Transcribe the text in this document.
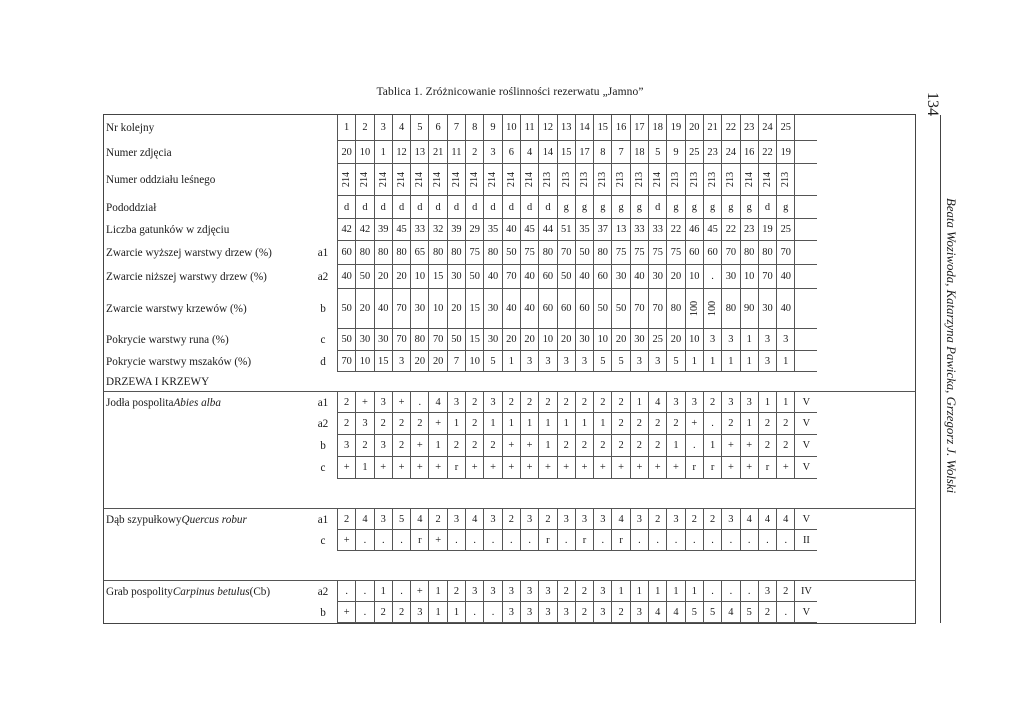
Tablica 1. Zróżnicowanie roślinności rezerwatu „Jamno”
Nr kolejny	1	2	3	4	5	6	7	8	9	10 11 12 13 14 15 16 17 18 19 20 21 22 23 24 25
Numer zdjęcia	20 10	1	12 13 21 11	2	3	6	4	14 15 17	8	7	18	5	9	25 23 24 16 22 19
Numer oddziału leśnego	214 214 214 214 214 214 214 214 214 214 214 213 213 213 213 213 213 214 213 213 213 213 214 214 213
Pododdział	d	d	d	d	d	d	d	d	d	d	d	d	g	g	g	g	g	d	g	g	g	g	g	d	g
Liczba gatunków w zdjęciu	42 42 39 45 33 32 39 29 35 40 45 44 51 35 37 13 33 33 22 46 45 22 23 19 25
Zwarcie wyższej warstwy drzew (%)	a1	60 80 80 80 65 80 80 75 80 50 75 80 70 50 80 75 75 75 75 60 60 70 80 80 70
Zwarcie niższej warstwy drzew (%)	a2	40 50 20 20 10 15 30 50 40 70 40 60 50 40 60 30 40 30 20 10	.	30 10 70 40
Zwarcie warstwy krzewów (%)	b	50 20 40 70 30 10 20 15 30 40 40 60 60 60 50 50 70 70 80 100 100 80 90 30 40
Pokrycie warstwy runa (%)	c	50 30 30 70 80 70 50 15 30 20 20 10 20 30 10 20 30 25 20 10	3	3	1	3	3
Pokrycie warstwy mszaków (%)	d	70 10 15	3	20 20	7	10	5	1	3	3	3	3	5	5	3	3	5	1	1	1	1	3	1
DRZEWA I KRZEWY
Jodła pospolita Abies alba	a1	2	+	3	+	.	4	3	2	3	2	2	2	2	2	2	2	1	4	3	3	2	3	3	1	1	V
a2	2	3	2	2	2	+	1	2	1	1	1	1	1	1	1	2	2	2	2	+	.	2	1	2	2	V
b	3	2	3	2	+	1	2	2	2	+	+	1	2	2	2	2	2	2	1	.	1	+	+	2	2	V
c	+	1	+	+	+	+	r	+	+	+	+	+	+	+	+	+	+	+	+	r	r	+	+	r	+	V
Dąb szypułkowy Quercus robur	a1	2	4	3	5	4	2	3	4	3	2	3	2	3	3	3	4	3	2	3	2	2	3	4	4	4	V
c	+	.	.	.	r	+	.	.	.	.	.	r	.	r	.	r	.	.	.	.	.	.	.	.	.	II
Grab pospolity Carpinus betulus (Cb)	a2	.	.	1	.	+	1	2	3	3	3	3	3	2	2	3	1	1	1	1	1	.	.	.	3	2	IV
b	+	.	2	2	3	1	1	.	.	3	3	3	3	2	3	2	3	4	4	5	5	4	5	2	.	V
134
Beata Woziwoda, Katarzyna Pawicka, Grzegorz J. Wolski
